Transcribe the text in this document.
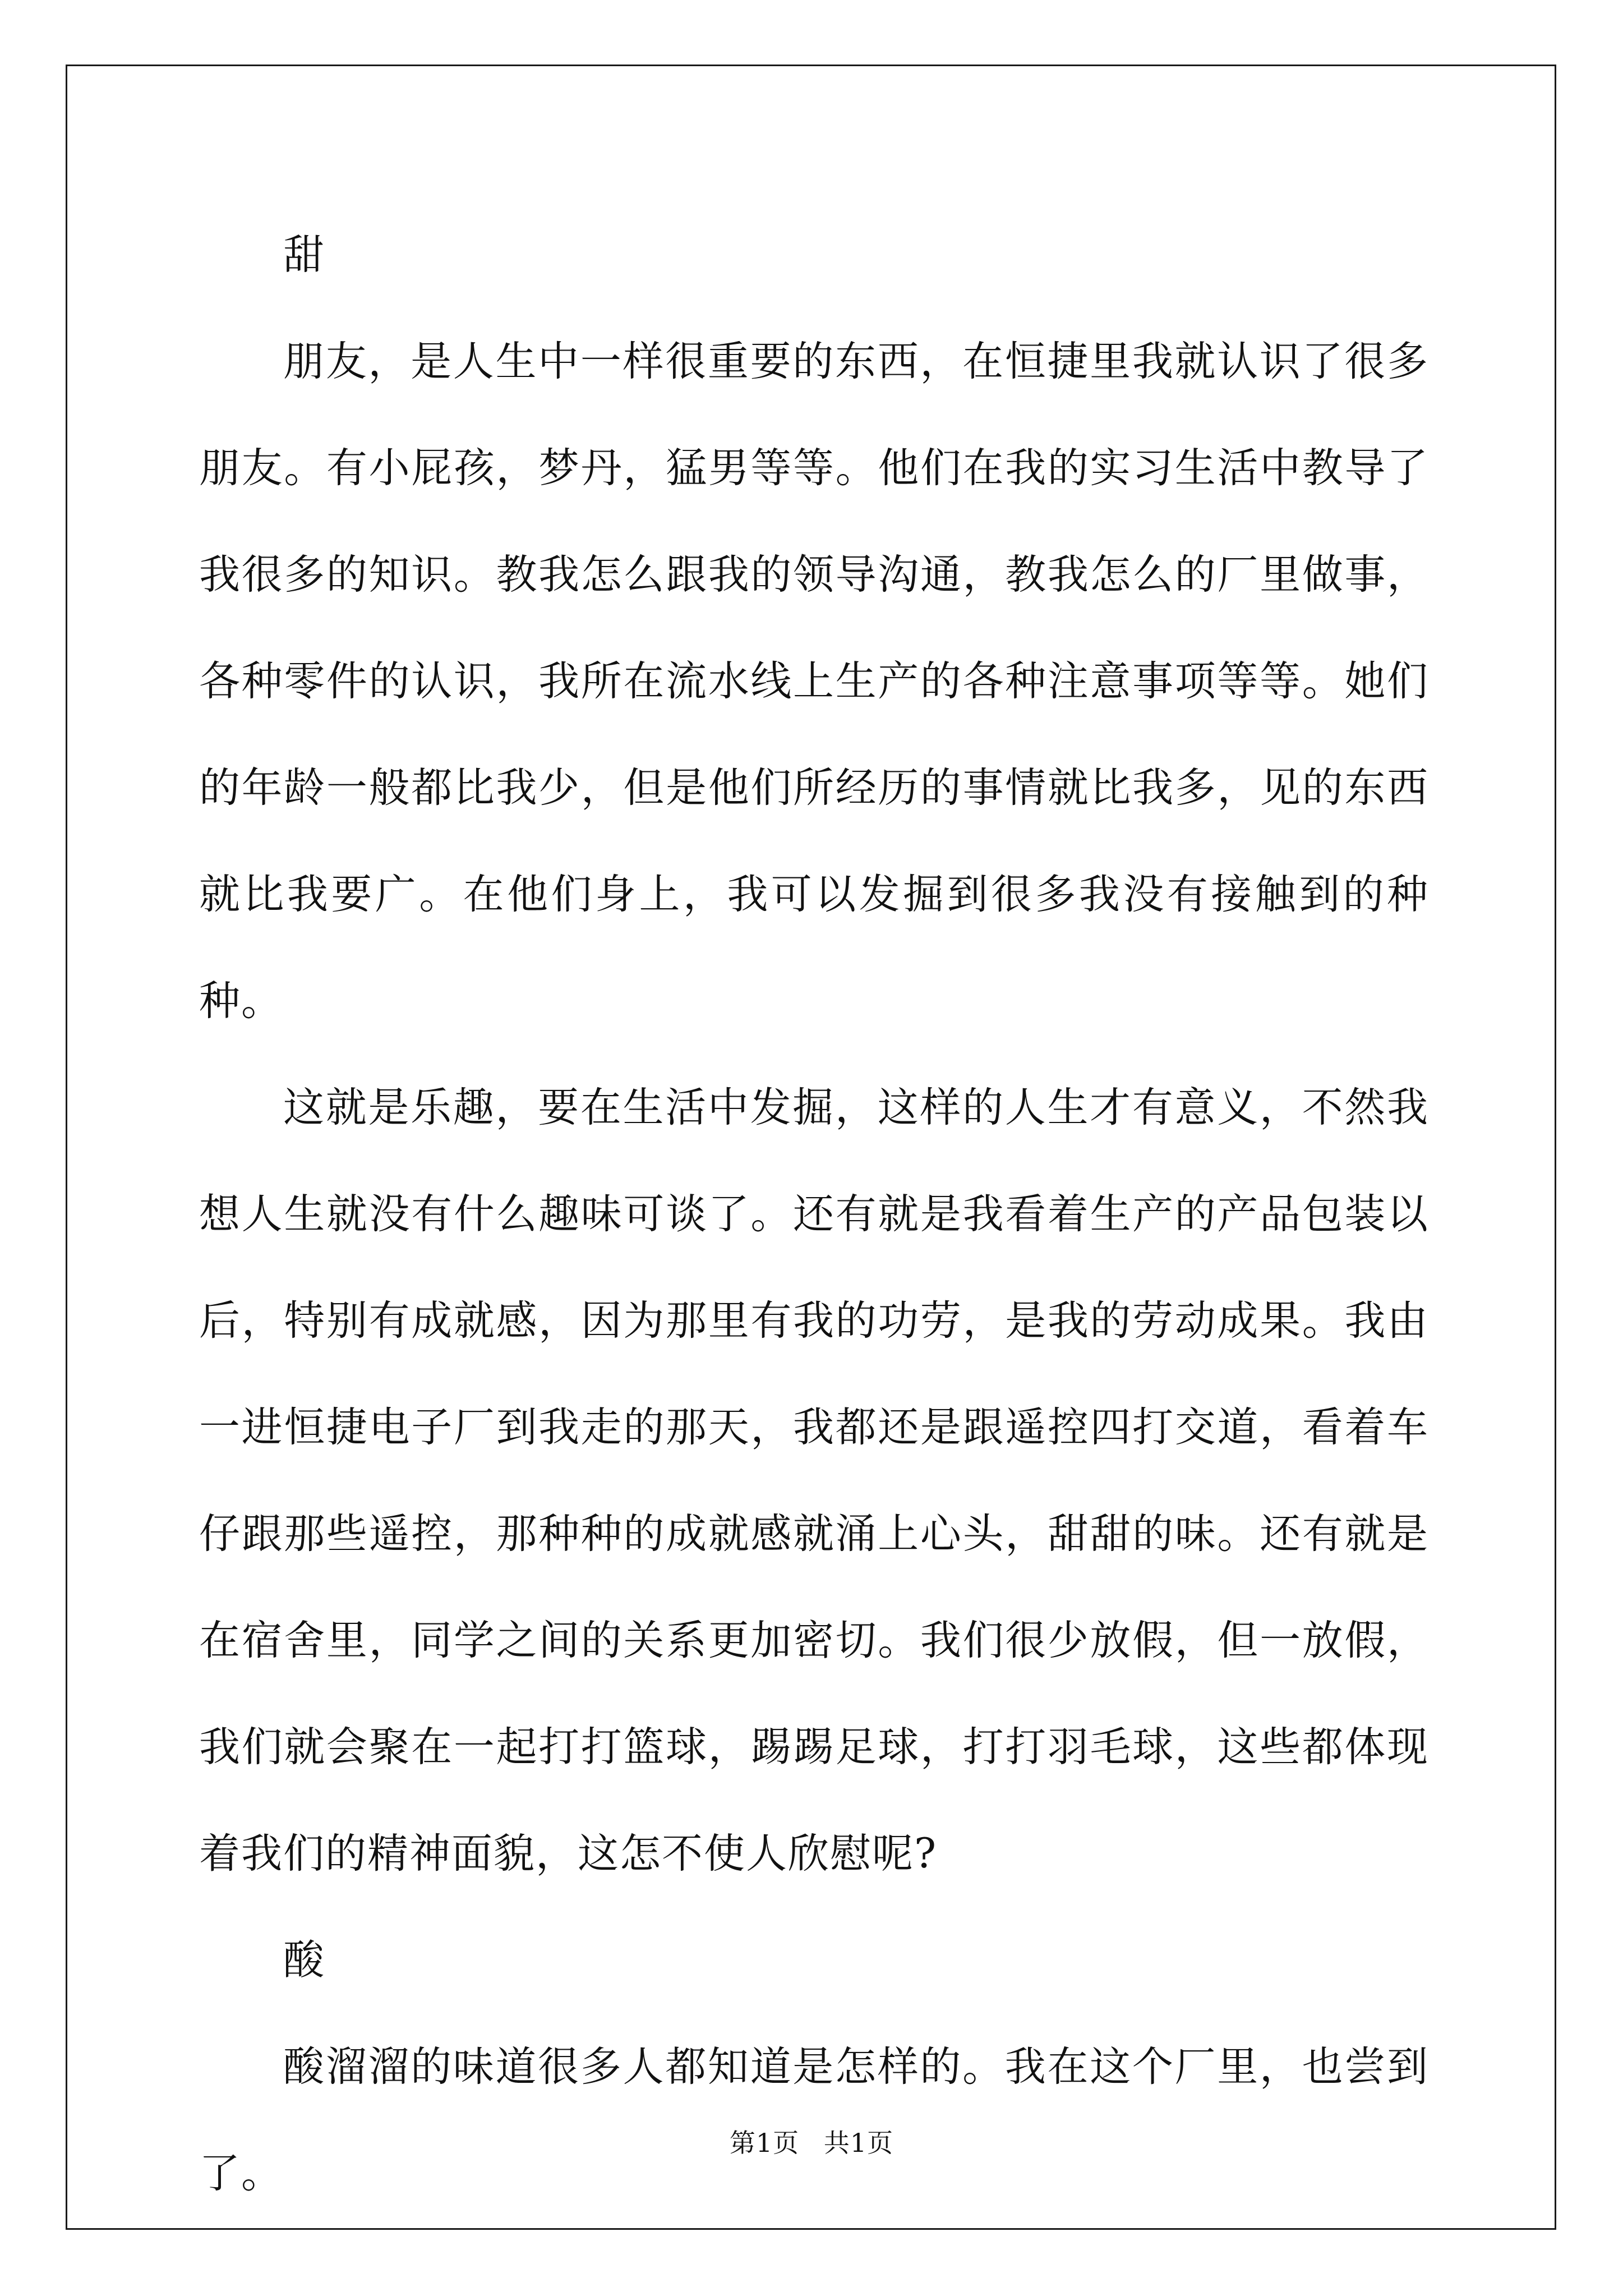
甜

朋友，是人生中一样很重要的东西，在恒捷里我就认识了很多朋友。有小屁孩，梦丹，猛男等等。他们在我的实习生活中教导了我很多的知识。教我怎么跟我的领导沟通，教我怎么的厂里做事，各种零件的认识，我所在流水线上生产的各种注意事项等等。她们的年龄一般都比我少，但是他们所经历的事情就比我多，见的东西就比我要广。在他们身上，我可以发掘到很多我没有接触到的种种。

这就是乐趣，要在生活中发掘，这样的人生才有意义，不然我想人生就没有什么趣味可谈了。还有就是我看着生产的产品包装以后，特别有成就感，因为那里有我的功劳，是我的劳动成果。我由一进恒捷电子厂到我走的那天，我都还是跟遥控四打交道，看着车仔跟那些遥控，那种种的成就感就涌上心头，甜甜的味。还有就是在宿舍里，同学之间的关系更加密切。我们很少放假，但一放假，我们就会聚在一起打打篮球，踢踢足球，打打羽毛球，这些都体现着我们的精神面貌，这怎不使人欣慰呢?

酸

酸溜溜的味道很多人都知道是怎样的。我在这个厂里，也尝到了。

第1页 共1页
